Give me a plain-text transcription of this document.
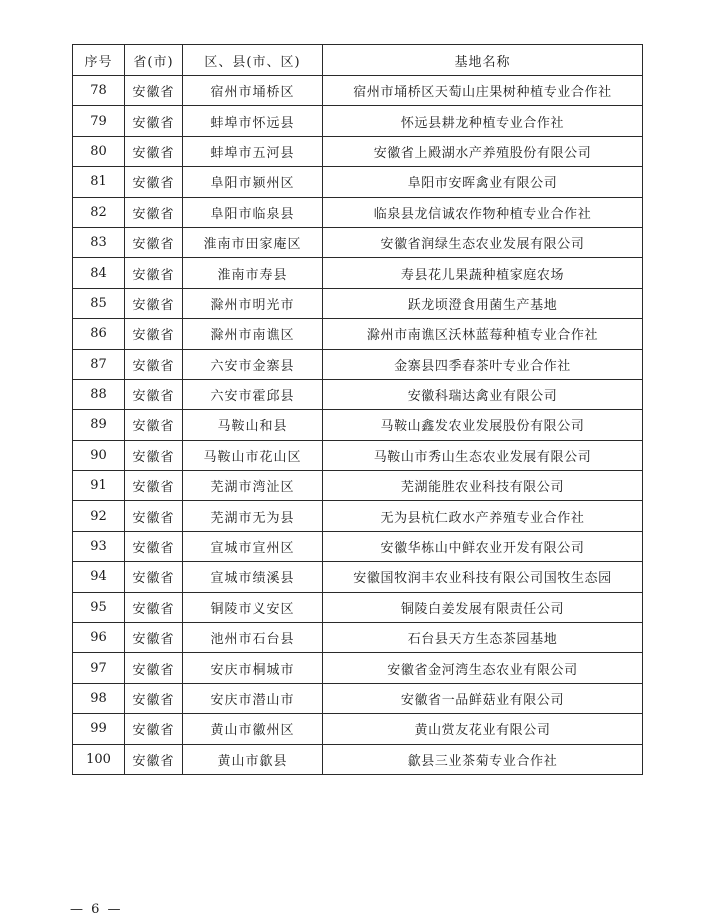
序号	省(市)	区、县(市、区)	基地名称
78	安徽省	宿州市埇桥区	宿州市埇桥区天萄山庄果树种植专业合作社
79	安徽省	蚌埠市怀远县	怀远县耕龙种植专业合作社
80	安徽省	蚌埠市五河县	安徽省上殿湖水产养殖股份有限公司
81	安徽省	阜阳市颍州区	阜阳市安晖禽业有限公司
82	安徽省	阜阳市临泉县	临泉县龙信诚农作物种植专业合作社
83	安徽省	淮南市田家庵区	安徽省润绿生态农业发展有限公司
84	安徽省	淮南市寿县	寿县花儿果蔬种植家庭农场
85	安徽省	滁州市明光市	跃龙顷澄食用菌生产基地
86	安徽省	滁州市南谯区	滁州市南谯区沃林蓝莓种植专业合作社
87	安徽省	六安市金寨县	金寨县四季春茶叶专业合作社
88	安徽省	六安市霍邱县	安徽科瑞达禽业有限公司
89	安徽省	马鞍山和县	马鞍山鑫发农业发展股份有限公司
90	安徽省	马鞍山市花山区	马鞍山市秀山生态农业发展有限公司
91	安徽省	芜湖市湾沚区	芜湖能胜农业科技有限公司
92	安徽省	芜湖市无为县	无为县杭仁政水产养殖专业合作社
93	安徽省	宣城市宣州区	安徽华栋山中鲜农业开发有限公司
94	安徽省	宣城市绩溪县	安徽国牧润丰农业科技有限公司国牧生态园
95	安徽省	铜陵市义安区	铜陵白姜发展有限责任公司
96	安徽省	池州市石台县	石台县天方生态茶园基地
97	安徽省	安庆市桐城市	安徽省金河湾生态农业有限公司
98	安徽省	安庆市潜山市	安徽省一品鲜菇业有限公司
99	安徽省	黄山市徽州区	黄山赏友花业有限公司
100	安徽省	黄山市歙县	歙县三业茶菊专业合作社
— 6 —
